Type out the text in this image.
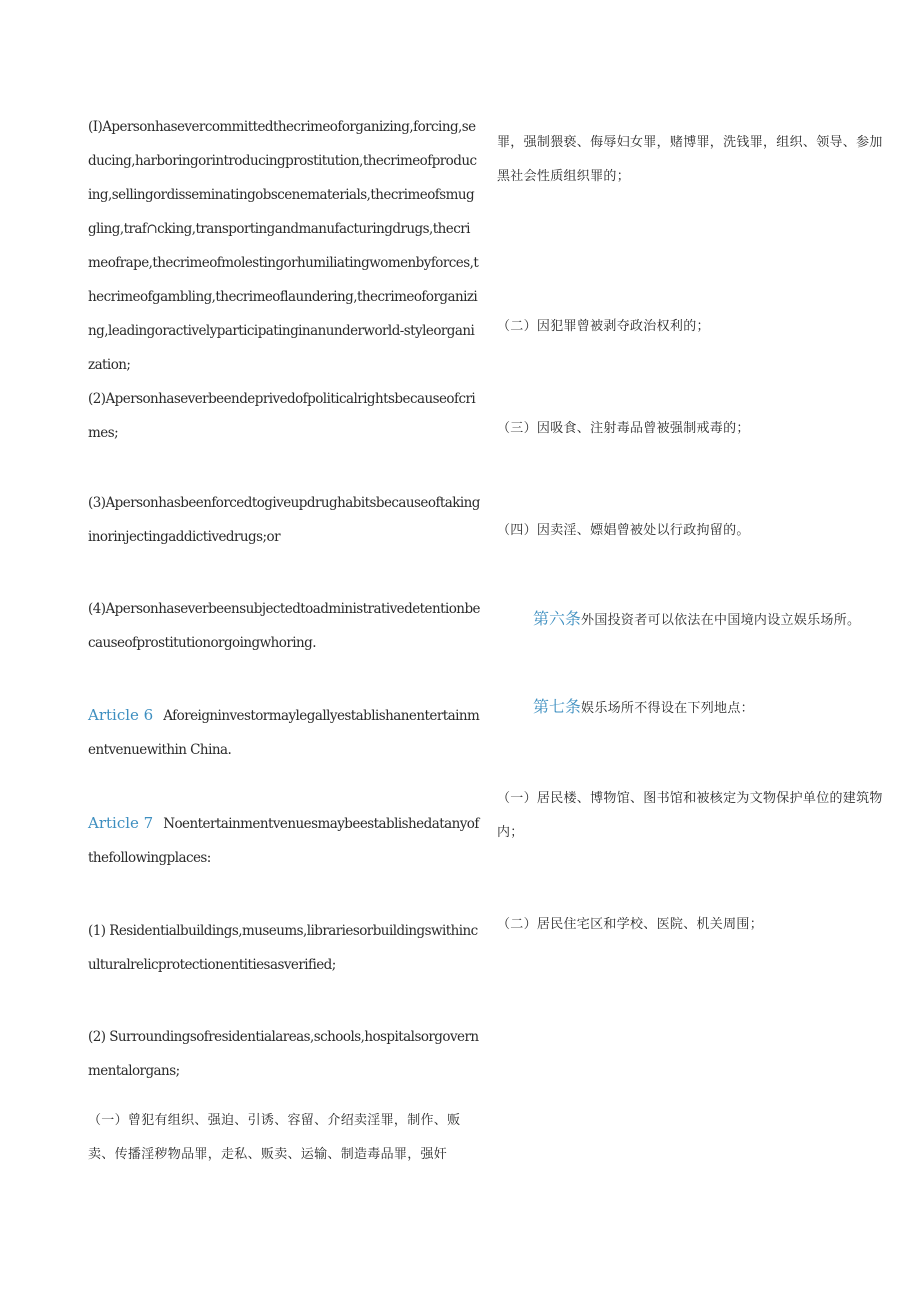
(I)Apersonhasevercommittedthecrimeoforganizing,forcing,seducing,harboringorintroducingprostitution,thecrimeofproducing,sellingordisseminatingobscenematerials,thecrimeofsmuggling,traf∩cking,transportingandmanufacturingdrugs,thecrimeofrape,thecrimeofmolestingorhumiliatingwomenbyforces,thecrimeofgambling,thecrimeoflaundering,thecrimeoforganizing,leadingoractivelyparticipatinginanunderworld-styleorganization;

(2)Apersonhaseverbeendeprivedofpoliticalrightsbecauseofcrimes;

(3)Apersonhasbeenforcedtogiveupdrughabitsbecauseoftakinginorinjectingaddictivedrugs;or

(4)Apersonhaseverbeensubjectedtoadministrativedetentionbecauseofprostitutionorgoingwhoring.

Article 6 Aforeigninvestormaylegallyestablishanentertainmentvenuewithin China.

Article 7 Noentertainmentvenuesmaybeestablishedatanyofthefollowingplaces:

(1) Residentialbuildings,museums,librariesorbuildingswithinculturalrelicprotectionentitiesasverified;

(2) Surroundingsofresidentialareas,schools,hospitalsorgovernmentalorgans;

（一）曾犯有组织、强迫、引诱、容留、介绍卖淫罪，制作、贩卖、传播淫秽物品罪，走私、贩卖、运输、制造毒品罪，强奸

罪，强制猥亵、侮辱妇女罪，赌博罪，洗钱罪，组织、领导、参加黑社会性质组织罪的；

（二）因犯罪曾被剥夺政治权利的；

（三）因吸食、注射毒品曾被强制戒毒的；

（四）因卖淫、嫖娼曾被处以行政拘留的。

第六条外国投资者可以依法在中国境内设立娱乐场所。

第七条娱乐场所不得设在下列地点：

（一）居民楼、博物馆、图书馆和被核定为文物保护单位的建筑物内；

（二）居民住宅区和学校、医院、机关周围；
